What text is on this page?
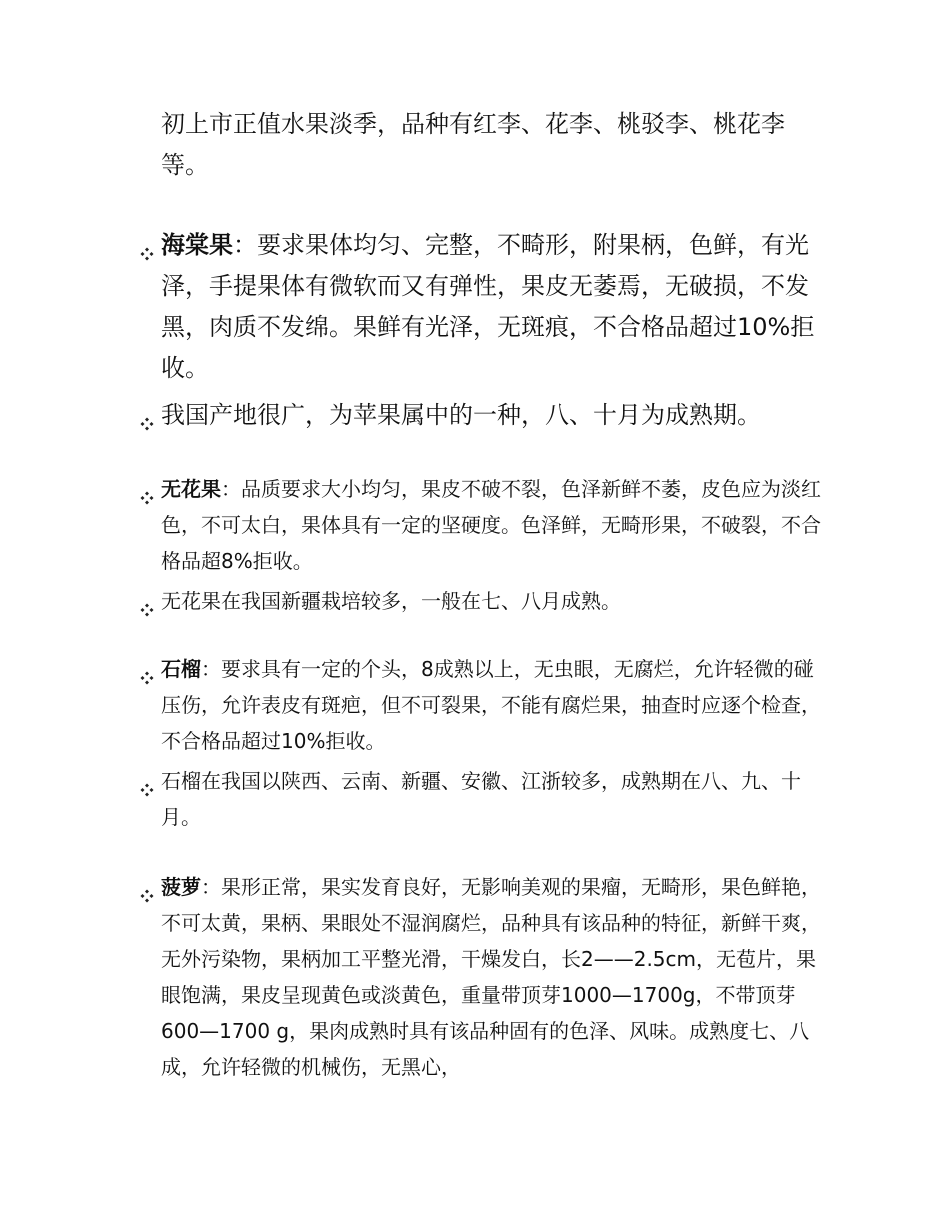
初上市正值水果淡季，品种有红李、花李、桃驳李、桃花李等。

海棠果：要求果体均匀、完整，不畸形，附果柄，色鲜，有光泽，手提果体有微软而又有弹性，果皮无萎焉，无破损，不发黑，肉质不发绵。果鲜有光泽，无斑痕，不合格品超过10%拒收。

我国产地很广，为苹果属中的一种，八、十月为成熟期。

无花果：品质要求大小均匀，果皮不破不裂，色泽新鲜不萎，皮色应为淡红色，不可太白，果体具有一定的坚硬度。色泽鲜，无畸形果，不破裂，不合格品超8%拒收。

无花果在我国新疆栽培较多，一般在七、八月成熟。

石榴：要求具有一定的个头，8成熟以上，无虫眼，无腐烂，允许轻微的碰压伤，允许表皮有斑疤，但不可裂果，不能有腐烂果，抽查时应逐个检查，不合格品超过10%拒收。

石榴在我国以陕西、云南、新疆、安徽、江浙较多，成熟期在八、九、十月。

菠萝：果形正常，果实发育良好，无影响美观的果瘤，无畸形，果色鲜艳，不可太黄，果柄、果眼处不湿润腐烂，品种具有该品种的特征，新鲜干爽，无外污染物，果柄加工平整光滑，干燥发白，长2——2.5cm，无苞片，果眼饱满，果皮呈现黄色或淡黄色，重量带顶芽1000—1700g，不带顶芽600—1700 g，果肉成熟时具有该品种固有的色泽、风味。成熟度七、八成，允许轻微的机械伤，无黑心，
